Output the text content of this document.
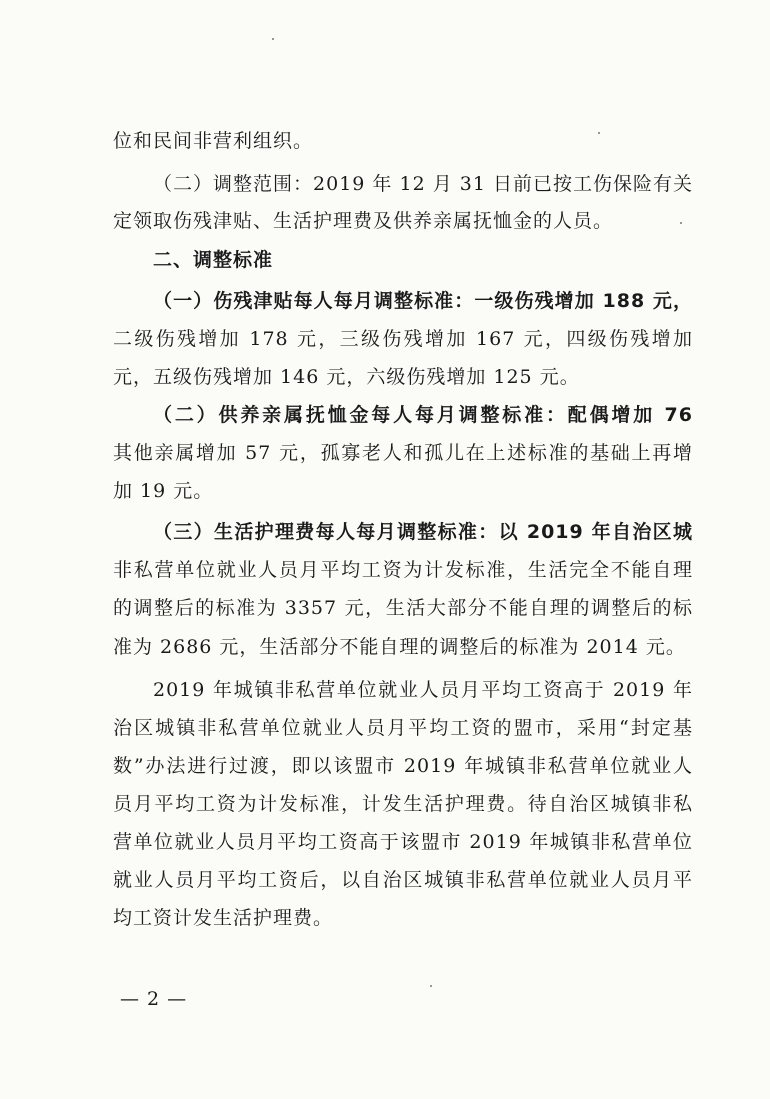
位和民间非营利组织。
（二）调整范围：2019 年 12 月 31 日前已按工伤保险有关
定领取伤残津贴、生活护理费及供养亲属抚恤金的人员。
二、调整标准
（一）伤残津贴每人每月调整标准：一级伤残增加 188 元，
二级伤残增加 178 元，三级伤残增加 167 元，四级伤残增加
元，五级伤残增加 146 元，六级伤残增加 125 元。
（二）供养亲属抚恤金每人每月调整标准：配偶增加 76
其他亲属增加 57 元，孤寡老人和孤儿在上述标准的基础上再增
加 19 元。
（三）生活护理费每人每月调整标准：以 2019 年自治区城
非私营单位就业人员月平均工资为计发标准，生活完全不能自理
的调整后的标准为 3357 元，生活大部分不能自理的调整后的标
准为 2686 元，生活部分不能自理的调整后的标准为 2014 元。
2019 年城镇非私营单位就业人员月平均工资高于 2019 年
治区城镇非私营单位就业人员月平均工资的盟市，采用“封定基
数”办法进行过渡，即以该盟市 2019 年城镇非私营单位就业人
员月平均工资为计发标准，计发生活护理费。待自治区城镇非私
营单位就业人员月平均工资高于该盟市 2019 年城镇非私营单位
就业人员月平均工资后，以自治区城镇非私营单位就业人员月平
均工资计发生活护理费。
— 2 —
